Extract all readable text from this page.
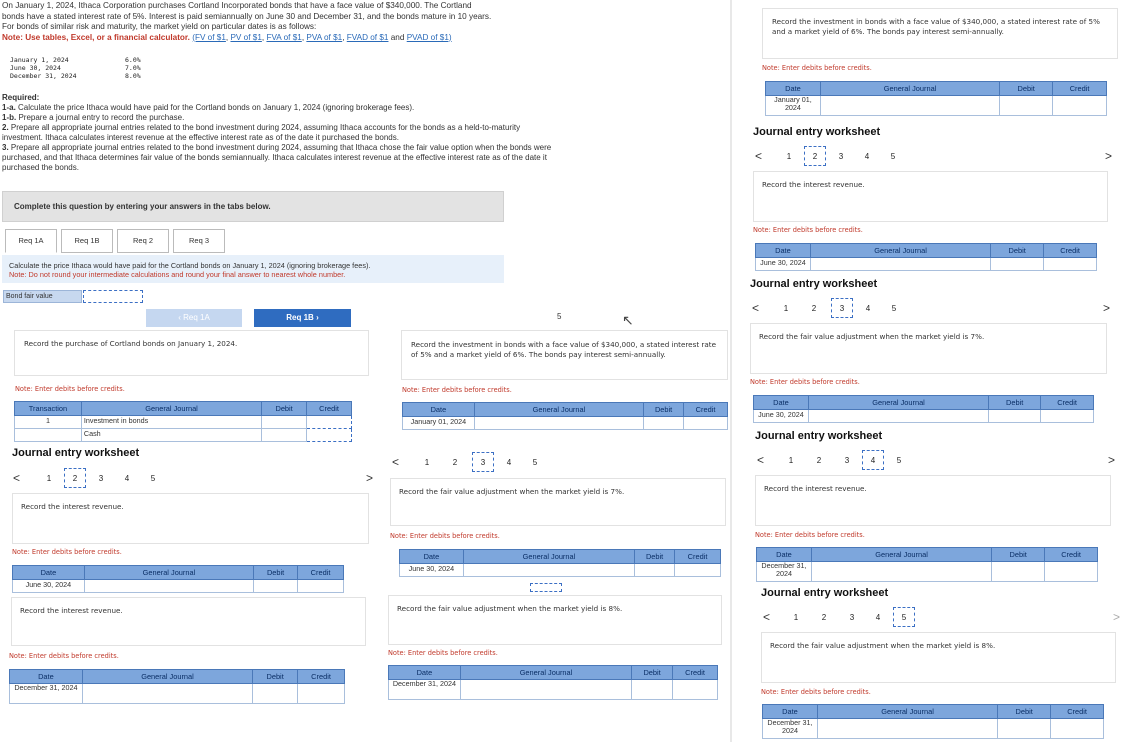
On January 1, 2024, Ithaca Corporation purchases Cortland Incorporated bonds that have a face value of $340,000. The Cortland
bonds have a stated interest rate of 5%. Interest is paid semiannually on June 30 and December 31, and the bonds mature in 10 years.
For bonds of similar risk and maturity, the market yield on particular dates is as follows:
Note: Use tables, Excel, or a financial calculator. (FV of $1, PV of $1, FVA of $1, PVA of $1, FVAD of $1 and PVAD of $1)
January 1, 2024	6.0%
June 30, 2024	7.0%
December 31, 2024	8.0%
Required:
1-a. Calculate the price Ithaca would have paid for the Cortland bonds on January 1, 2024 (ignoring brokerage fees).
1-b. Prepare a journal entry to record the purchase.
2. Prepare all appropriate journal entries related to the bond investment during 2024, assuming Ithaca accounts for the bonds as a held-to-maturity investment. Ithaca calculates interest revenue at the effective interest rate as of the date it purchased the bonds.
3. Prepare all appropriate journal entries related to the bond investment during 2024, assuming that Ithaca chose the fair value option when the bonds were purchased, and that Ithaca determines fair value of the bonds semiannually. Ithaca calculates interest revenue at the effective interest rate as of the date it purchased the bonds.
Complete this question by entering your answers in the tabs below.
Req 1A	Req 1B	Req 2	Req 3
Calculate the price Ithaca would have paid for the Cortland bonds on January 1, 2024 (ignoring brokerage fees).
Note: Do not round your intermediate calculations and round your final answer to nearest whole number.
Bond fair value
‹ Req 1A	Req 1B ›
Record the purchase of Cortland bonds on January 1, 2024.
Note: Enter debits before credits.
Transaction	General Journal	Debit	Credit
1	Investment in bonds		
	Cash		
Journal entry worksheet
<	1	2	3	4	5	>
Record the interest revenue.
Note: Enter debits before credits.
Date	General Journal	Debit	Credit
June 30, 2024			
Record the interest revenue.
Note: Enter debits before credits.
Date	General Journal	Debit	Credit
December 31, 2024			
5	↖
Record the investment in bonds with a face value of $340,000, a stated interest rate of 5% and a market yield of 6%. The bonds pay interest semi-annually.
Note: Enter debits before credits.
Date	General Journal	Debit	Credit
January 01, 2024			
<	1	2	3	4	5
Record the fair value adjustment when the market yield is 7%.
Note: Enter debits before credits.
Date	General Journal	Debit	Credit
June 30, 2024			
Record the fair value adjustment when the market yield is 8%.
Note: Enter debits before credits.
Date	General Journal	Debit	Credit
December 31, 2024			
Record the investment in bonds with a face value of $340,000, a stated interest rate of 5% and a market yield of 6%. The bonds pay interest semi-annually.
Note: Enter debits before credits.
Date	General Journal	Debit	Credit
January 01, 2024			
Journal entry worksheet
<	1	2	3	4	5	>
Record the interest revenue.
Note: Enter debits before credits.
Date	General Journal	Debit	Credit
June 30, 2024			
Journal entry worksheet
<	1	2	3	4	5	>
Record the fair value adjustment when the market yield is 7%.
Note: Enter debits before credits.
Date	General Journal	Debit	Credit
June 30, 2024			
Journal entry worksheet
<	1	2	3	4	5	>
Record the interest revenue.
Note: Enter debits before credits.
Date	General Journal	Debit	Credit
December 31, 2024			
Journal entry worksheet
<	1	2	3	4	5	>
Record the fair value adjustment when the market yield is 8%.
Note: Enter debits before credits.
Date	General Journal	Debit	Credit
December 31, 2024			
